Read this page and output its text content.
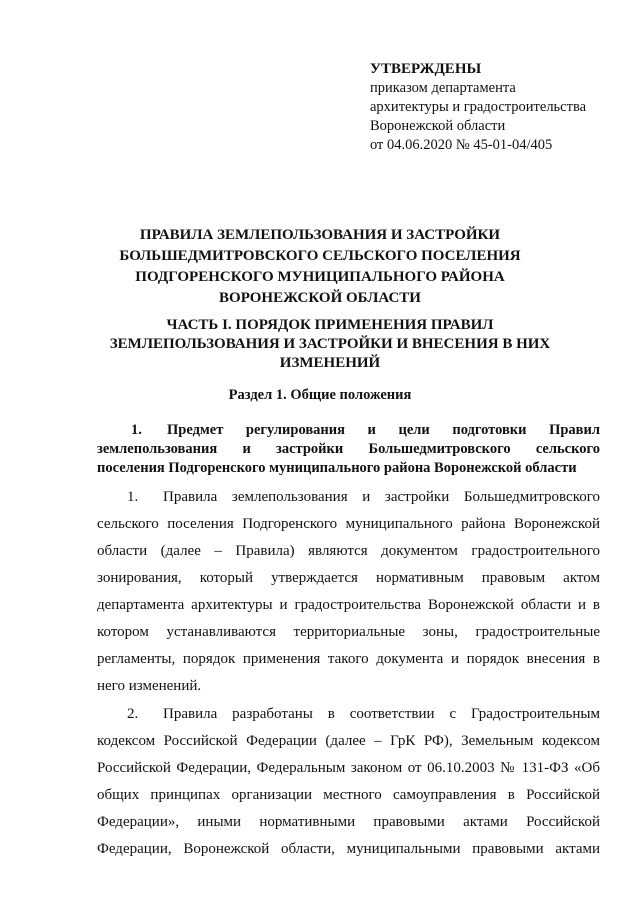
УТВЕРЖДЕНЫ
приказом департамента
архитектуры и градостроительства
Воронежской области
от 04.06.2020 № 45-01-04/405
ПРАВИЛА ЗЕМЛЕПОЛЬЗОВАНИЯ И ЗАСТРОЙКИ
БОЛЬШЕДМИТРОВСКОГО СЕЛЬСКОГО ПОСЕЛЕНИЯ
ПОДГОРЕНСКОГО МУНИЦИПАЛЬНОГО РАЙОНА
ВОРОНЕЖСКОЙ ОБЛАСТИ
ЧАСТЬ I. ПОРЯДОК ПРИМЕНЕНИЯ ПРАВИЛ
ЗЕМЛЕПОЛЬЗОВАНИЯ И ЗАСТРОЙКИ И ВНЕСЕНИЯ В НИХ
ИЗМЕНЕНИЙ
Раздел 1. Общие положения
1. Предмет регулирования и цели подготовки Правил
землепользования и застройки Большедмитровского сельского
поселения Подгоренского муниципального района Воронежской области
1. Правила землепользования и застройки Большедмитровского
сельского поселения Подгоренского муниципального района Воронежской
области (далее – Правила) являются документом градостроительного
зонирования, который утверждается нормативным правовым актом
департамента архитектуры и градостроительства Воронежской области и в
котором устанавливаются территориальные зоны, градостроительные
регламенты, порядок применения такого документа и порядок внесения в
него изменений.
2. Правила разработаны в соответствии с Градостроительным
кодексом Российской Федерации (далее – ГрК РФ), Земельным кодексом
Российской Федерации, Федеральным законом от 06.10.2003 № 131-ФЗ «Об
общих принципах организации местного самоуправления в Российской
Федерации», иными нормативными правовыми актами Российской
Федерации, Воронежской области, муниципальными правовыми актами
